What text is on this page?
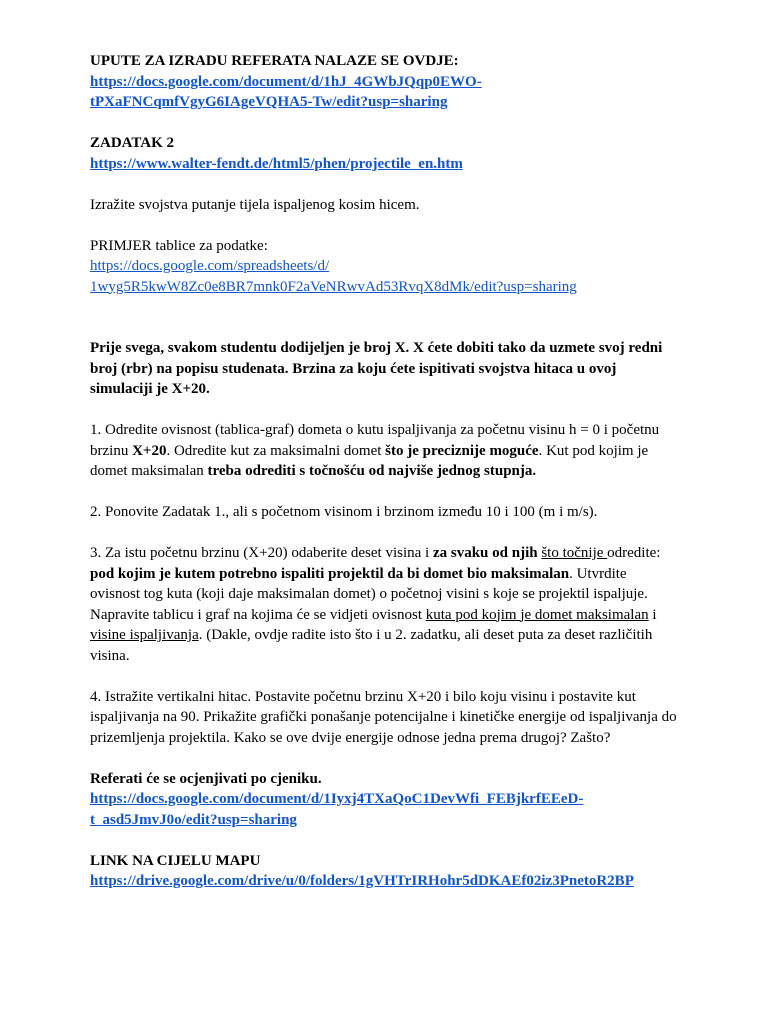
UPUTE ZA IZRADU REFERATA NALAZE SE OVDJE:

https://docs.google.com/document/d/1hJ_4GWbJQqp0EWO-
tPXaFNCqmfVgyG6IAgeVQHA5-Tw/edit?usp=sharing

ZADATAK 2

https://www.walter-fendt.de/html5/phen/projectile_en.htm

Izražite svojstva putanje tijela ispaljenog kosim hicem.

PRIMJER tablice za podatke:

https://docs.google.com/spreadsheets/d/
1wyg5R5kwW8Zc0e8BR7mnk0F2aVeNRwvAd53RvqX8dMk/edit?usp=sharing

Prije svega, svakom studentu dodijeljen je broj X. X ćete dobiti tako da uzmete svoj redni broj (rbr) na popisu studenata. Brzina za koju ćete ispitivati svojstva hitaca u ovoj simulaciji je X+20.

1. Odredite ovisnost (tablica-graf) dometa o kutu ispaljivanja za početnu visinu h = 0 i početnu brzinu X+20. Odredite kut za maksimalni domet što je preciznije moguće. Kut pod kojim je domet maksimalan treba odrediti s točnošću od najviše jednog stupnja.

2. Ponovite Zadatak 1., ali s početnom visinom i brzinom između 10 i 100 (m i m/s).

3. Za istu početnu brzinu (X+20) odaberite deset visina i za svaku od njih što točnije odredite: pod kojim je kutem potrebno ispaliti projektil da bi domet bio maksimalan. Utvrdite ovisnost tog kuta (koji daje maksimalan domet) o početnoj visini s koje se projektil ispaljuje. Napravite tablicu i graf na kojima će se vidjeti ovisnost kuta pod kojim je domet maksimalan i visine ispaljivanja. (Dakle, ovdje radite isto što i u 2. zadatku, ali deset puta za deset različitih visina.

4. Istražite vertikalni hitac. Postavite početnu brzinu X+20 i bilo koju visinu i postavite kut ispaljivanja na 90. Prikažite grafički ponašanje potencijalne i kinetičke energije od ispaljivanja do prizemljenja projektila. Kako se ove dvije energije odnose jedna prema drugoj? Zašto?

Referati će se ocjenjivati po cjeniku.

https://docs.google.com/document/d/1Iyxj4TXaQoC1DevWfi_FEBjkrfEEeD-
t_asd5JmvJ0o/edit?usp=sharing

LINK NA CIJELU MAPU

https://drive.google.com/drive/u/0/folders/1gVHTrIRHohr5dDKAEf02iz3PnetoR2BP
